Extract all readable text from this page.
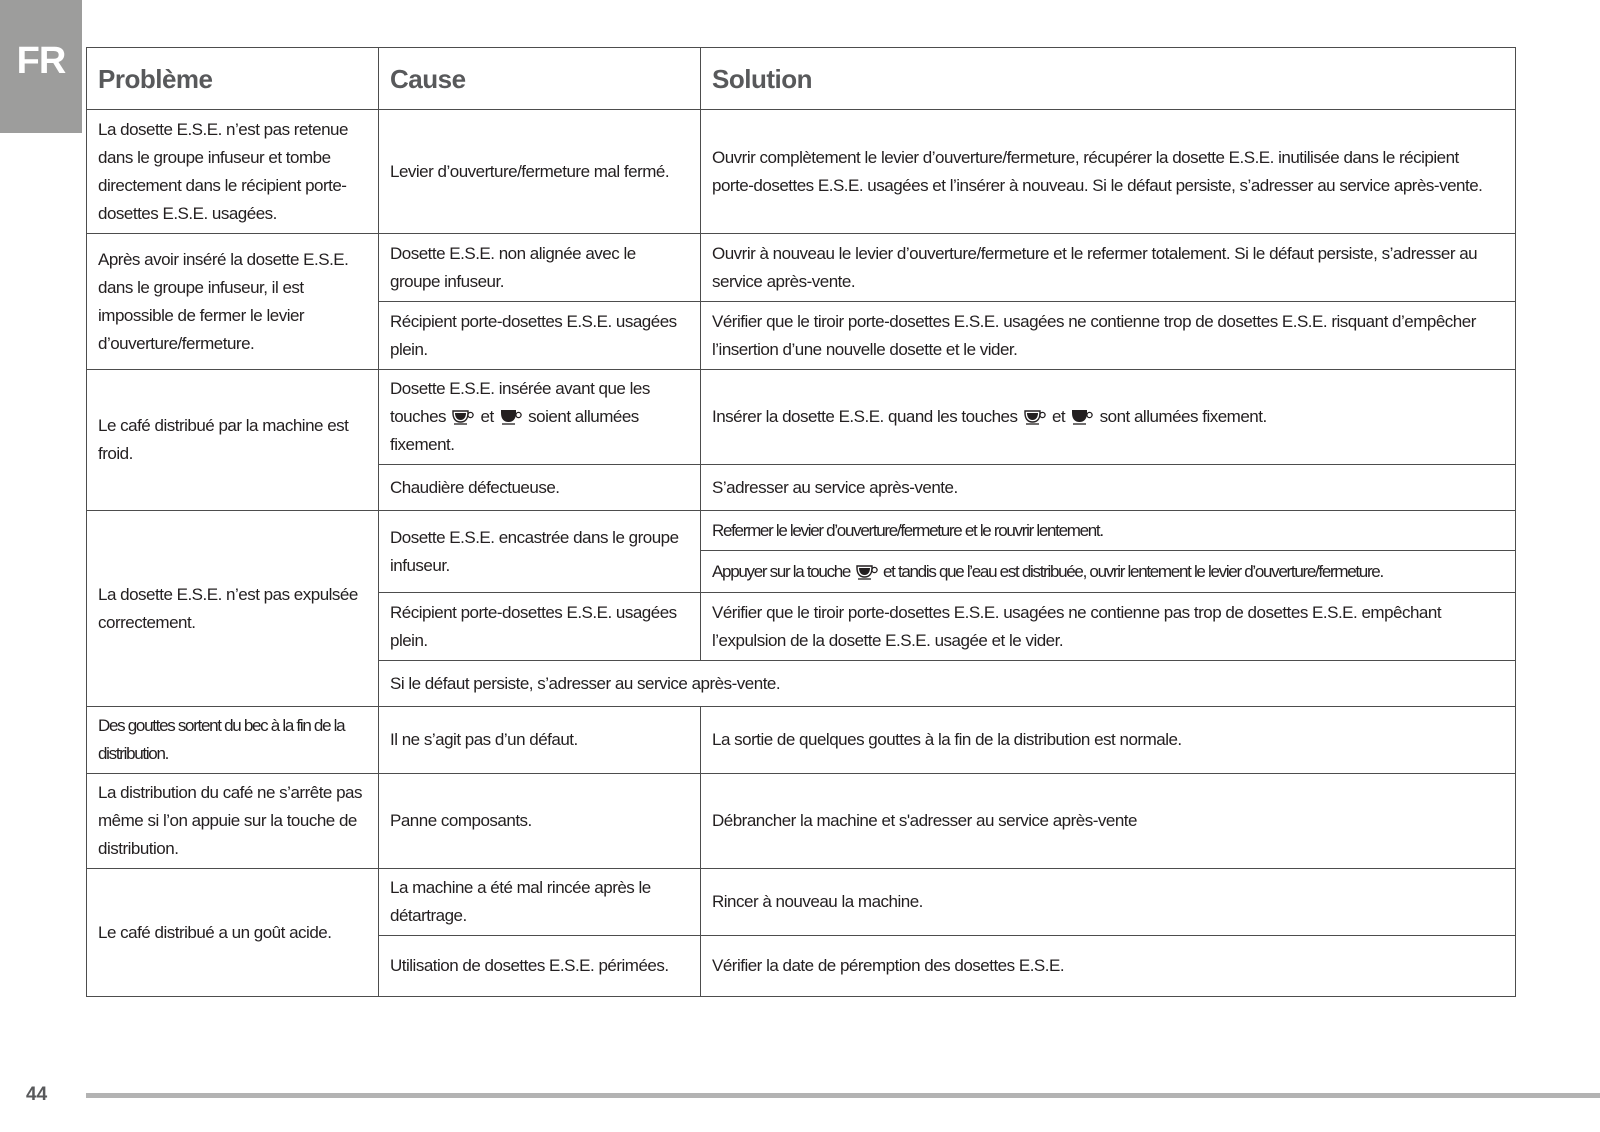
FR Problème	Cause	Solution
La dosette E.S.E. n’est pas retenue dans le groupe infuseur et tombe directement dans le récipient porte-dosettes E.S.E. usagées.	Levier d’ouverture/fermeture mal fermé.	Ouvrir complètement le levier d’ouverture/fermeture, récupérer la dosette E.S.E. inutilisée dans le récipient porte-dosettes E.S.E. usagées et l’insérer à nouveau. Si le défaut persiste, s’adresser au service après-vente.
Après avoir inséré la dosette E.S.E. dans le groupe infuseur, il est impossible de fermer le levier d’ouverture/fermeture.	Dosette E.S.E. non alignée avec le groupe infuseur.	Ouvrir à nouveau le levier d’ouverture/fermeture et le refermer totalement. Si le défaut persiste, s’adresser au service après-vente.
	Récipient porte-dosettes E.S.E. usagées plein.	Vérifier que le tiroir porte-dosettes E.S.E. usagées ne contienne trop de dosettes E.S.E. risquant d’empêcher l’insertion d’une nouvelle dosette et le vider.
Le café distribué par la machine est froid.	Dosette E.S.E. insérée avant que les touches et soient allumées fixement.	Insérer la dosette E.S.E. quand les touches et sont allumées fixement.
	Chaudière défectueuse.	S’adresser au service après-vente.
La dosette E.S.E. n’est pas expulsée correctement.	Dosette E.S.E. encastrée dans le groupe infuseur.	Refermer le levier d’ouverture/fermeture et le rouvrir lentement.
		Appuyer sur la touche et tandis que l’eau est distribuée, ouvrir lentement le levier d’ouverture/fermeture.
	Récipient porte-dosettes E.S.E. usagées plein.	Vérifier que le tiroir porte-dosettes E.S.E. usagées ne contienne pas trop de dosettes E.S.E. empêchant l’expulsion de la dosette E.S.E. usagée et le vider.
	Si le défaut persiste, s’adresser au service après-vente.	
Des gouttes sortent du bec à la fin de la distribution.	Il ne s’agit pas d’un défaut.	La sortie de quelques gouttes à la fin de la distribution est normale.
La distribution du café ne s’arrête pas même si l’on appuie sur la touche de distribution.	Panne composants.	Débrancher la machine et s'adresser au service après-vente
Le café distribué a un goût acide.	La machine a été mal rincée après le détartrage.	Rincer à nouveau la machine.
	Utilisation de dosettes E.S.E. périmées.	Vérifier la date de péremption des dosettes E.S.E.
44
